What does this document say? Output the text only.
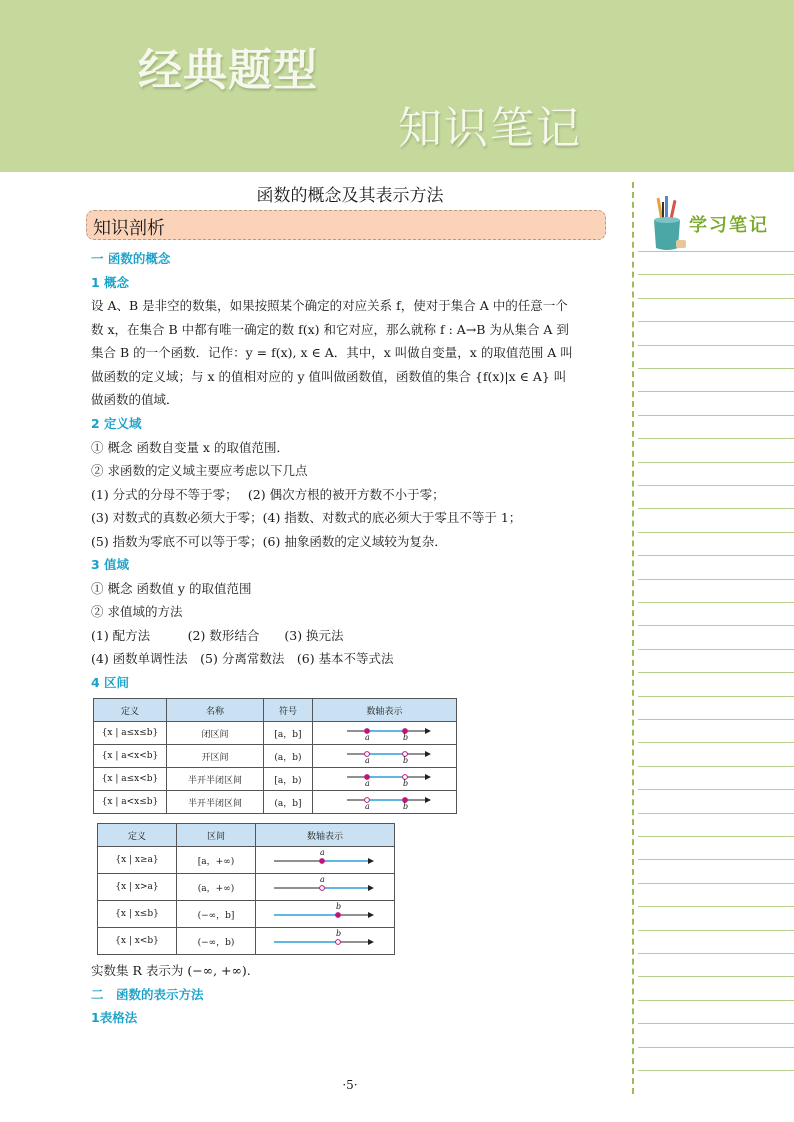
经典题型
知识笔记
函数的概念及其表示方法
知识剖析
一 函数的概念
1 概念
设 A、B 是非空的数集，如果按照某个确定的对应关系 f，使对于集合 A 中的任意一个
数 x，在集合 B 中都有唯一确定的数 f(x) 和它对应，那么就称 f : A→B 为从集合 A 到
集合 B 的一个函数．记作：y = f(x), x ∈ A．其中，x 叫做自变量，x 的取值范围 A 叫
做函数的定义域；与 x 的值相对应的 y 值叫做函数值，函数值的集合 {f(x)|x ∈ A} 叫
做函数的值域．
2 定义域
① 概念 函数自变量 x 的取值范围．
② 求函数的定义域主要应考虑以下几点
(1) 分式的分母不等于零；　 (2) 偶次方根的被开方数不小于零；
(3) 对数式的真数必须大于零；(4) 指数、对数式的底必须大于零且不等于 1；
(5) 指数为零底不可以等于零；(6) 抽象函数的定义域较为复杂．
3 值域
① 概念 函数值 y 的取值范围
② 求值域的方法
(1) 配方法　　　(2) 数形结合　　(3) 换元法
(4) 函数单调性法　(5) 分离常数法　(6) 基本不等式法
4 区间
定义	名称	符号	数轴表示
{x | a≤x≤b}	闭区间	[a，b]	a b

{x | a<x<b}	开区间	(a，b)	a b

{x | a≤x<b}	半开半闭区间	[a，b)	a b

{x | a<x≤b}	半开半闭区间	(a，b]	a b
定义	区间	数轴表示
{x | x≥a}	[a，+∞)	a

{x | x>a}	(a，+∞)	a

{x | x≤b}	(−∞，b]	b

{x | x<b}	(−∞，b)	b
实数集 R 表示为 (−∞, +∞).
二　函数的表示方法
1表格法
·5·
学习笔记
